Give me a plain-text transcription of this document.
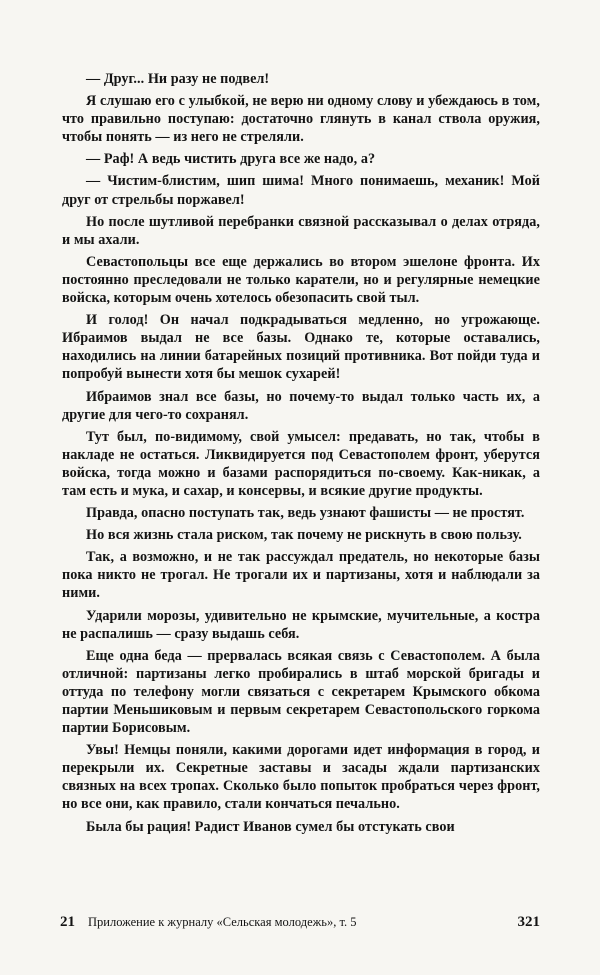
— Друг... Ни разу не подвел!

Я слушаю его с улыбкой, не верю ни одному слову и убеждаюсь в том, что правильно поступаю: достаточно глянуть в канал ствола оружия, чтобы понять — из него не стреляли.

— Раф! А ведь чистить друга все же надо, а?

— Чистим-блистим, шип шима! Много понимаешь, механик! Мой друг от стрельбы поржавел!

Но после шутливой перебранки связной рассказывал о делах отряда, и мы ахали.

Севастопольцы все еще держались во втором эшелоне фронта. Их постоянно преследовали не только каратели, но и регулярные немецкие войска, которым очень хотелось обезопасить свой тыл.

И голод! Он начал подкрадываться медленно, но угрожающе. Ибраимов выдал не все базы. Однако те, которые оставались, находились на линии батарейных позиций противника. Вот пойди туда и попробуй вынести хотя бы мешок сухарей!

Ибраимов знал все базы, но почему-то выдал только часть их, а другие для чего-то сохранял.

Тут был, по-видимому, свой умысел: предавать, но так, чтобы в накладе не остаться. Ликвидируется под Севастополем фронт, уберутся войска, тогда можно и базами распорядиться по-своему. Как-никак, а там есть и мука, и сахар, и консервы, и всякие другие продукты.

Правда, опасно поступать так, ведь узнают фашисты — не простят.

Но вся жизнь стала риском, так почему не рискнуть в свою пользу.

Так, а возможно, и не так рассуждал предатель, но некоторые базы пока никто не трогал. Не трогали их и партизаны, хотя и наблюдали за ними.

Ударили морозы, удивительно не крымские, мучительные, а костра не распалишь — сразу выдашь себя.

Еще одна беда — прервалась всякая связь с Севастополем. А была отличной: партизаны легко пробирались в штаб морской бригады и оттуда по телефону могли связаться с секретарем Крымского обкома партии Меньшиковым и первым секретарем Севастопольского горкома партии Борисовым.

Увы! Немцы поняли, какими дорогами идет информация в город, и перекрыли их. Секретные заставы и засады ждали партизанских связных на всех тропах. Сколько было попыток пробраться через фронт, но все они, как правило, стали кончаться печально.

Была бы рация! Радист Иванов сумел бы отстукать свои

21 Приложение к журналу «Сельская молодежь», т. 5	321
